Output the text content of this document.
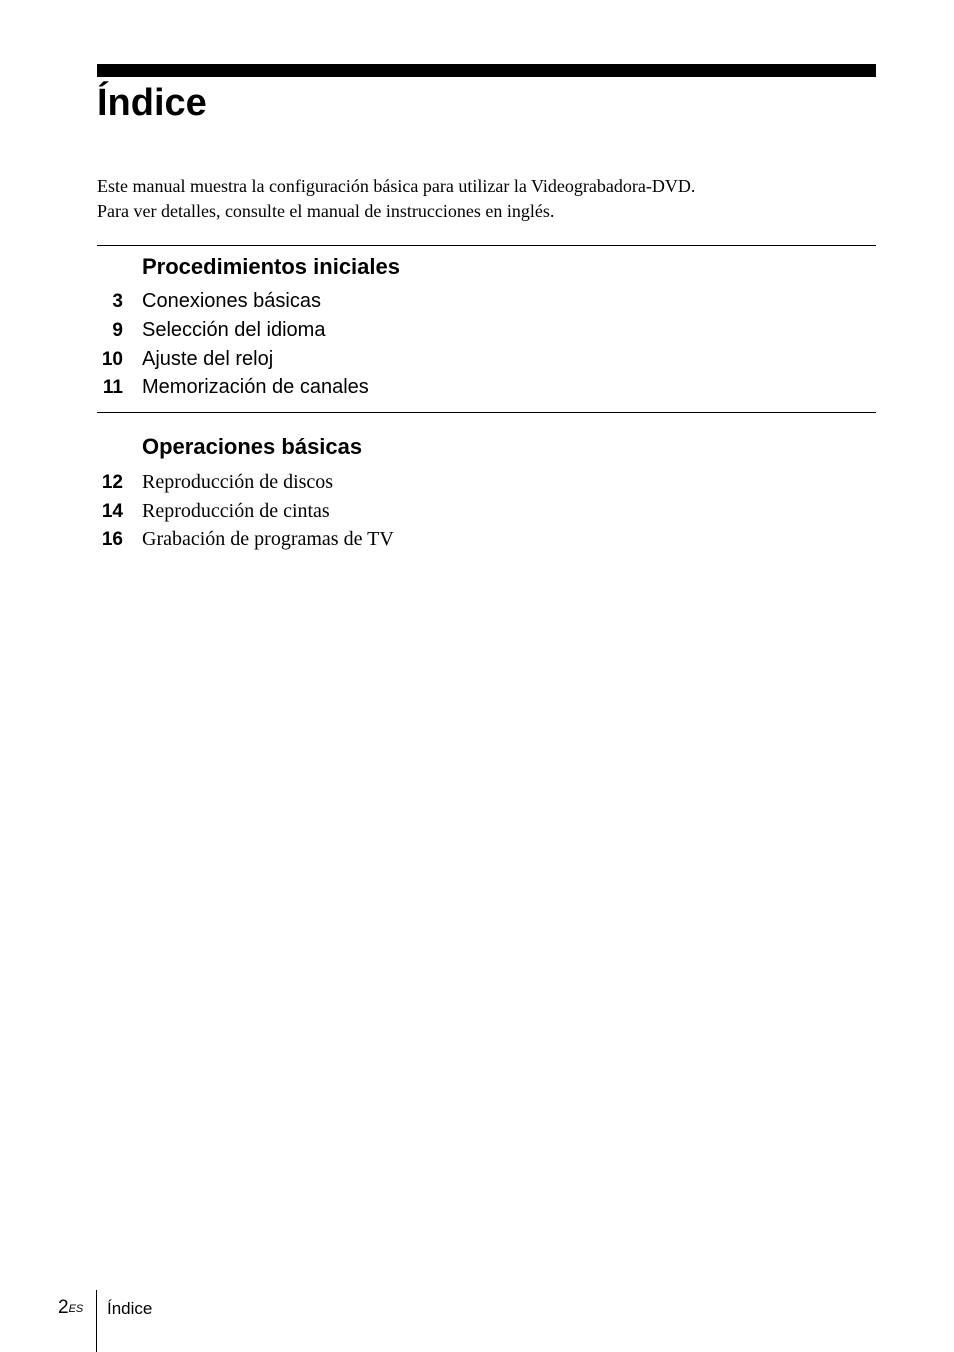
Índice

Este manual muestra la configuración básica para utilizar la Videograbadora-DVD.

Para ver detalles, consulte el manual de instrucciones en inglés.

Procedimientos iniciales
3 Conexiones básicas
9 Selección del idioma
10 Ajuste del reloj
11 Memorización de canales
Operaciones básicas
12 Reproducción de discos
14 Reproducción de cintas
16 Grabación de programas de TV
$2^{ES}$ Índice
